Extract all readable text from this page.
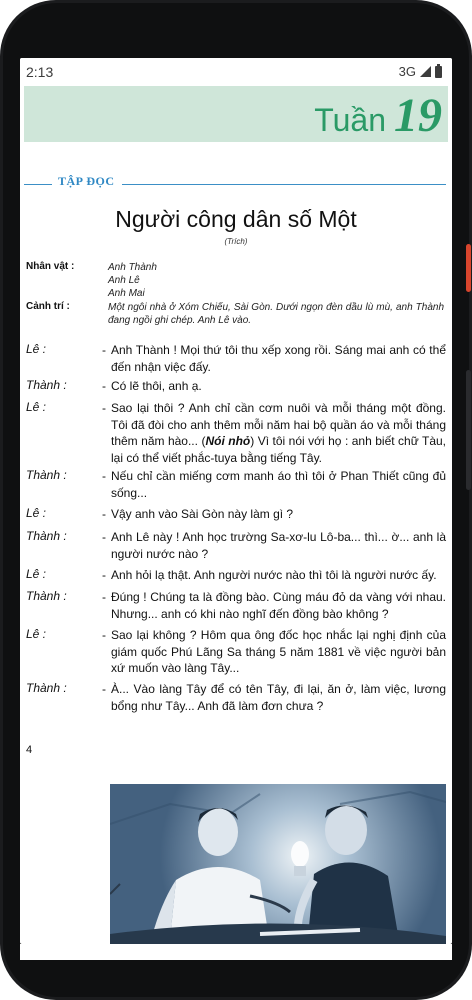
2:13	3G
Tuần 19
TẬP ĐỌC
Người công dân số Một
(Trích)
Nhân vật :	Anh Thành
Anh Lê
Anh Mai
Cảnh trí :	Một ngôi nhà ở Xóm Chiếu, Sài Gòn. Dưới ngọn đèn dầu lù mù, anh Thành đang ngồi ghi chép. Anh Lê vào.
Lê :	- Anh Thành ! Mọi thứ tôi thu xếp xong rồi. Sáng mai anh có thể đến nhận việc đấy.
Thành :	- Có lẽ thôi, anh ạ.
Lê :	- Sao lại thôi ? Anh chỉ cần cơm nuôi và mỗi tháng một đồng. Tôi đã đòi cho anh thêm mỗi năm hai bộ quần áo và mỗi tháng thêm năm hào... (Nói nhỏ) Vì tôi nói với họ : anh biết chữ Tàu, lại có thể viết phắc-tuya bằng tiếng Tây.
Thành :	- Nếu chỉ cần miếng cơm manh áo thì tôi ở Phan Thiết cũng đủ sống...
Lê :	- Vậy anh vào Sài Gòn này làm gì ?
Thành :	- Anh Lê này ! Anh học trường Sa-xơ-lu Lô-ba... thì... ờ... anh là người nước nào ?
Lê :	- Anh hỏi lạ thật. Anh người nước nào thì tôi là người nước ấy.
Thành :	- Đúng ! Chúng ta là đồng bào. Cùng máu đỏ da vàng với nhau. Nhưng... anh có khi nào nghĩ đến đồng bào không ?
Lê :	- Sao lại không ? Hôm qua ông đốc học nhắc lại nghị định của giám quốc Phú Lãng Sa tháng 5 năm 1881 về việc người bản xứ muốn vào làng Tây...
Thành :	- À... Vào làng Tây để có tên Tây, đi lại, ăn ở, làm việc, lương bổng như Tây... Anh đã làm đơn chưa ?
4
